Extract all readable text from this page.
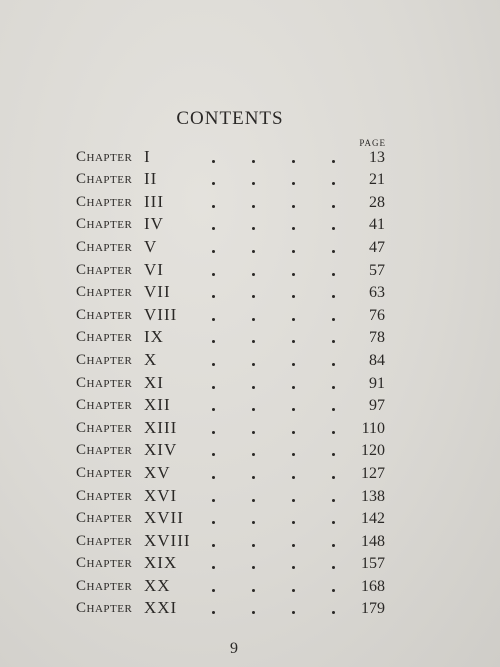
CONTENTS
PAGE
Chapter I	13
Chapter II	21
Chapter III	28
Chapter IV	41
Chapter V	47
Chapter VI	57
Chapter VII	63
Chapter VIII	76
Chapter IX	78
Chapter X	84
Chapter XI	91
Chapter XII	97
Chapter XIII	110
Chapter XIV	120
Chapter XV	127
Chapter XVI	138
Chapter XVII	142
Chapter XVIII	148
Chapter XIX	157
Chapter XX	168
Chapter XXI	179
9
